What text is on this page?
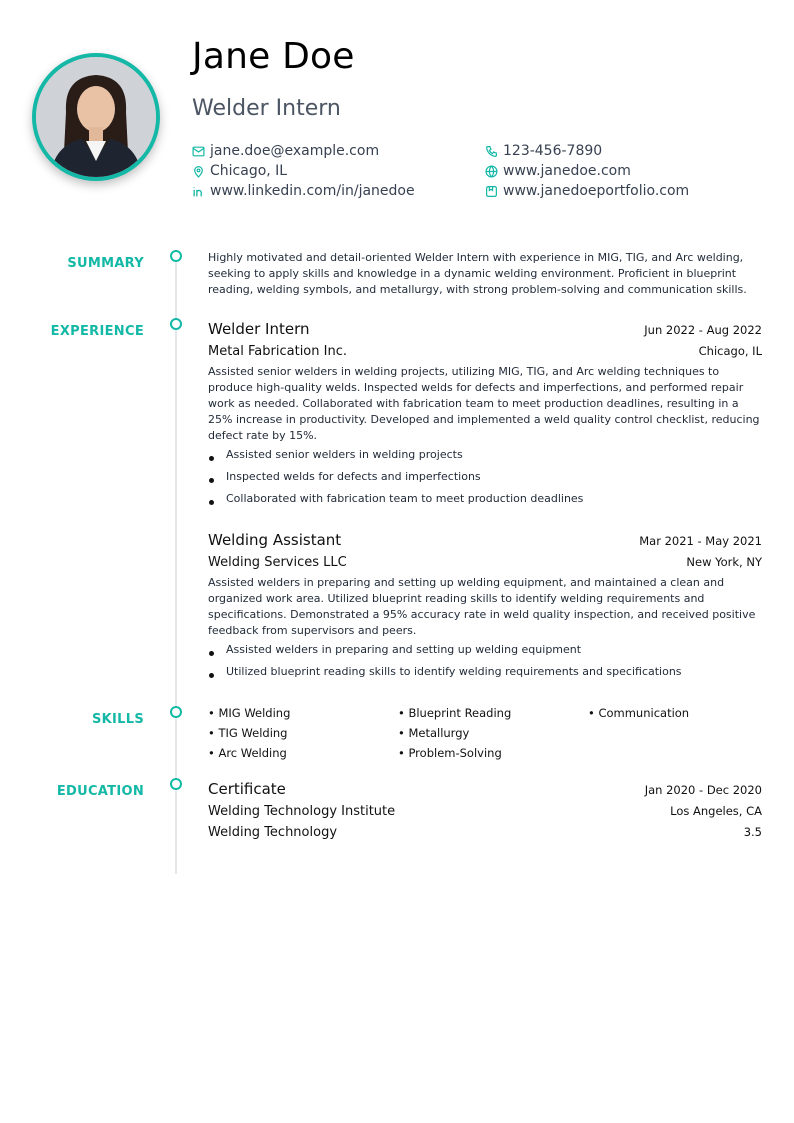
Jane Doe
Welder Intern
jane.doe@example.com	123-456-7890
Chicago, IL	www.janedoe.com
www.linkedin.com/in/janedoe	www.janedoeportfolio.com
SUMMARY
EXPERIENCE
SKILLS
EDUCATION

Highly motivated and detail-oriented Welder Intern with experience in MIG, TIG, and Arc welding, seeking to apply skills and knowledge in a dynamic welding environment. Proficient in blueprint reading, welding symbols, and metallurgy, with strong problem-solving and communication skills.

Welder Intern	Jun 2022 - Aug 2022
Metal Fabrication Inc.	Chicago, IL

Assisted senior welders in welding projects, utilizing MIG, TIG, and Arc welding techniques to produce high-quality welds. Inspected welds for defects and imperfections, and performed repair work as needed. Collaborated with fabrication team to meet production deadlines, resulting in a 25% increase in productivity. Developed and implemented a weld quality control checklist, reducing defect rate by 15%.

Assisted senior welders in welding projects
Inspected welds for defects and imperfections
Collaborated with fabrication team to meet production deadlines
Welding Assistant	Mar 2021 - May 2021
Welding Services LLC	New York, NY

Assisted welders in preparing and setting up welding equipment, and maintained a clean and organized work area. Utilized blueprint reading skills to identify welding requirements and specifications. Demonstrated a 95% accuracy rate in weld quality inspection, and received positive feedback from supervisors and peers.

Assisted welders in preparing and setting up welding equipment
Utilized blueprint reading skills to identify welding requirements and specifications
• MIG Welding	• Blueprint Reading	• Communication
• TIG Welding	• Metallurgy
• Arc Welding	• Problem-Solving
Certificate	Jan 2020 - Dec 2020
Welding Technology Institute	Los Angeles, CA
Welding Technology	3.5
